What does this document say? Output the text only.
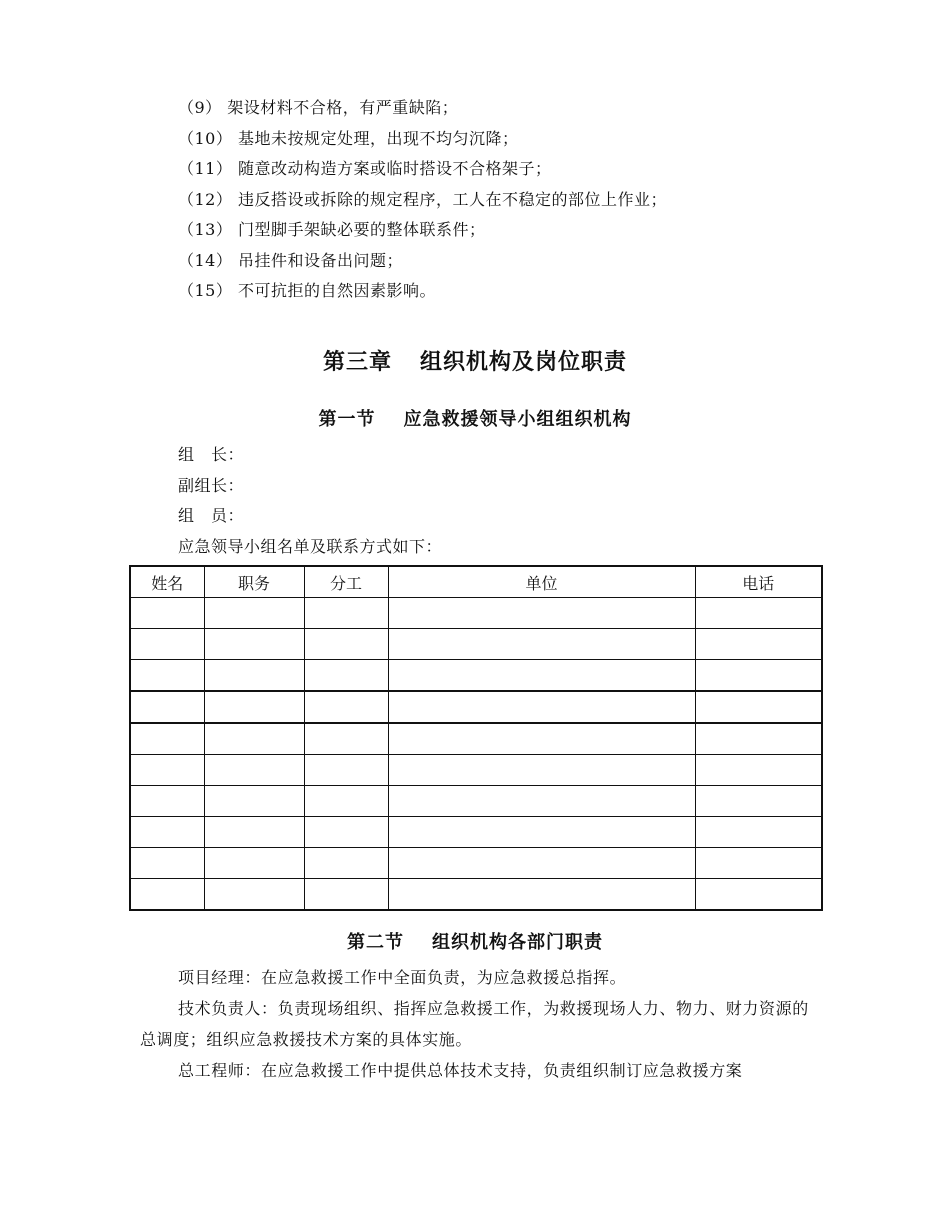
（9） 架设材料不合格，有严重缺陷；
（10） 基地未按规定处理，出现不均匀沉降；
（11） 随意改动构造方案或临时搭设不合格架子；
（12） 违反搭设或拆除的规定程序，工人在不稳定的部位上作业；
（13） 门型脚手架缺必要的整体联系件；
（14） 吊挂件和设备出问题；
（15） 不可抗拒的自然因素影响。
第三章 组织机构及岗位职责
第一节 应急救援领导小组组织机构
组　长：
副组长：
组　员：
应急领导小组名单及联系方式如下：
姓名	职务	分工	单位	电话

第二节 组织机构各部门职责
项目经理：在应急救援工作中全面负责，为应急救援总指挥。
技术负责人：负责现场组织、指挥应急救援工作，为救援现场人力、物力、财力资源的总调度；组织应急救援技术方案的具体实施。
总工程师：在应急救援工作中提供总体技术支持，负责组织制订应急救援方案
